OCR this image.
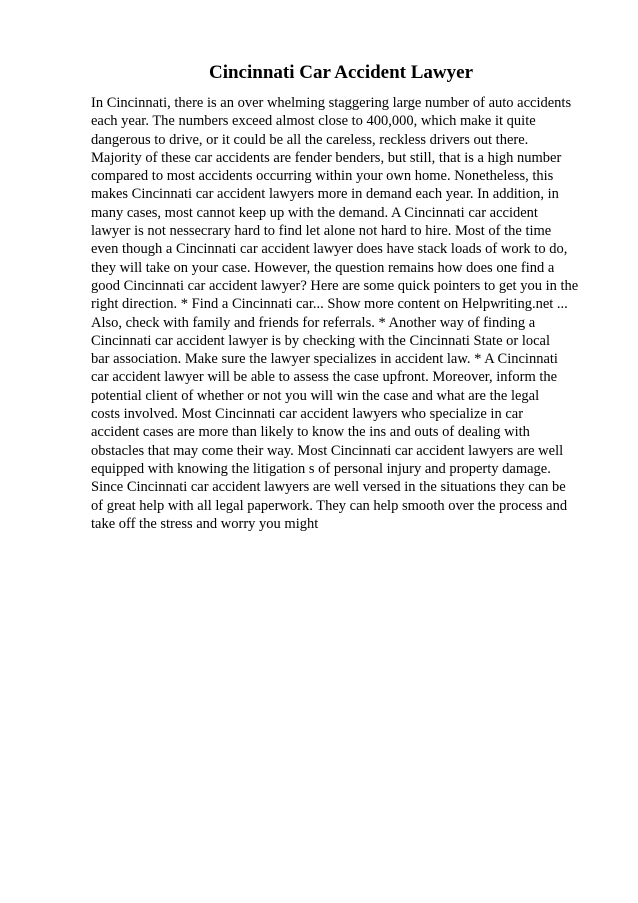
Cincinnati Car Accident Lawyer
In Cincinnati, there is an over whelming staggering large number of auto accidents
each year. The numbers exceed almost close to 400,000, which make it quite
dangerous to drive, or it could be all the careless, reckless drivers out there.
Majority of these car accidents are fender benders, but still, that is a high number
compared to most accidents occurring within your own home. Nonetheless, this
makes Cincinnati car accident lawyers more in demand each year. In addition, in
many cases, most cannot keep up with the demand. A Cincinnati car accident
lawyer is not nessecrary hard to find let alone not hard to hire. Most of the time
even though a Cincinnati car accident lawyer does have stack loads of work to do,
they will take on your case. However, the question remains how does one find a
good Cincinnati car accident lawyer? Here are some quick pointers to get you in the
right direction. * Find a Cincinnati car... Show more content on Helpwriting.net ...
Also, check with family and friends for referrals. * Another way of finding a
Cincinnati car accident lawyer is by checking with the Cincinnati State or local
bar association. Make sure the lawyer specializes in accident law. * A Cincinnati
car accident lawyer will be able to assess the case upfront. Moreover, inform the
potential client of whether or not you will win the case and what are the legal
costs involved. Most Cincinnati car accident lawyers who specialize in car
accident cases are more than likely to know the ins and outs of dealing with
obstacles that may come their way. Most Cincinnati car accident lawyers are well
equipped with knowing the litigation s of personal injury and property damage.
Since Cincinnati car accident lawyers are well versed in the situations they can be
of great help with all legal paperwork. They can help smooth over the process and
take off the stress and worry you might
